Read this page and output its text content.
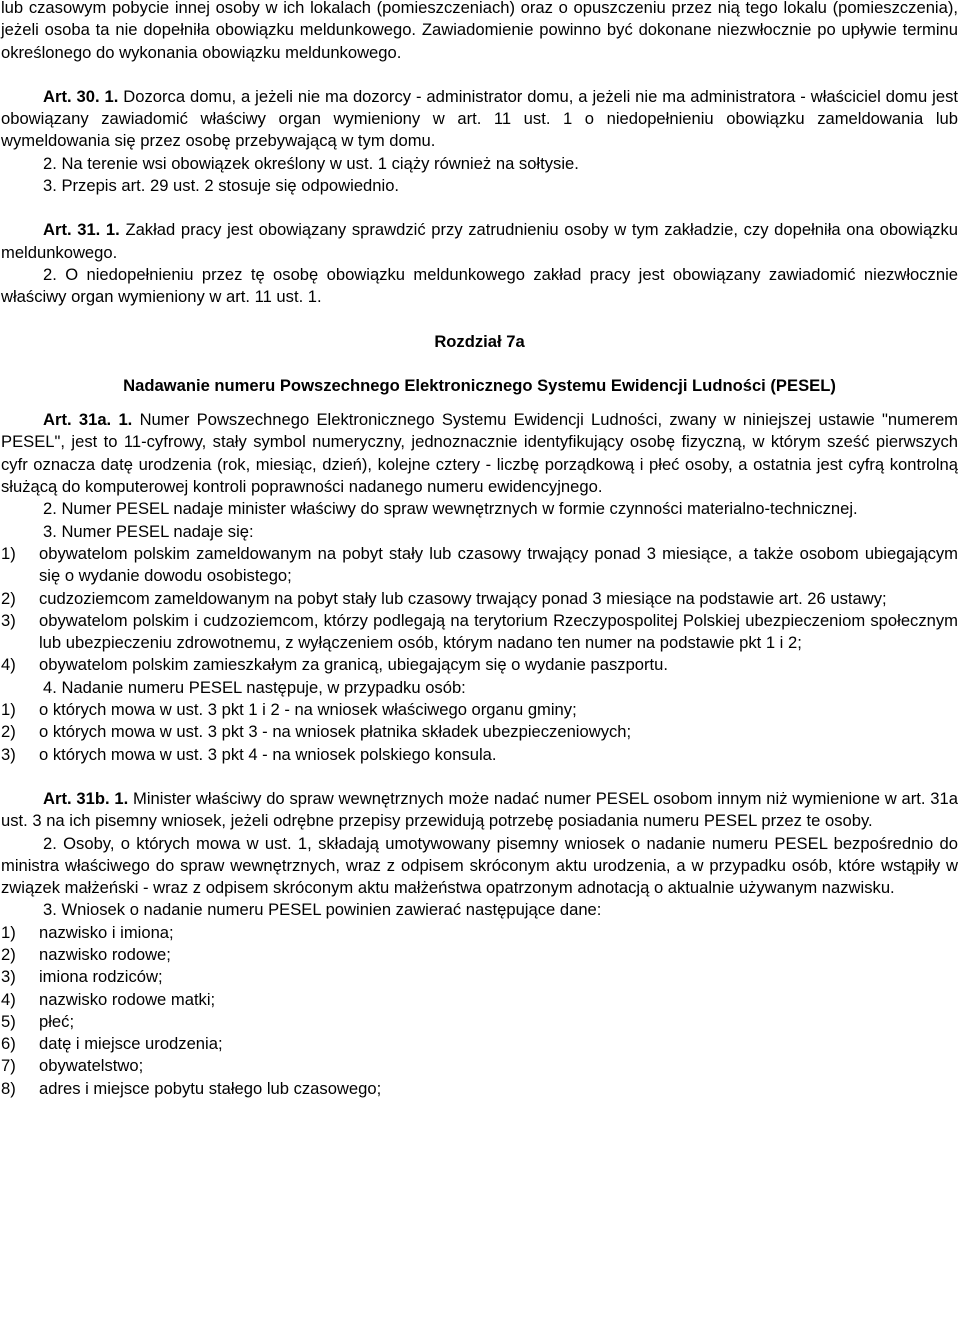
lub czasowym pobycie innej osoby w ich lokalach (pomieszczeniach) oraz o opuszczeniu przez nią tego lokalu (pomieszczenia), jeżeli osoba ta nie dopełniła obowiązku meldunkowego. Zawiadomienie powinno być dokonane niezwłocznie po upływie terminu określonego do wykonania obowiązku meldunkowego.

Art. 30. 1. Dozorca domu, a jeżeli nie ma dozorcy - administrator domu, a jeżeli nie ma administratora - właściciel domu jest obowiązany zawiadomić właściwy organ wymieniony w art. 11 ust. 1 o niedopełnieniu obowiązku zameldowania lub wymeldowania się przez osobę przebywającą w tym domu.

2. Na terenie wsi obowiązek określony w ust. 1 ciąży również na sołtysie.

3. Przepis art. 29 ust. 2 stosuje się odpowiednio.

Art. 31. 1. Zakład pracy jest obowiązany sprawdzić przy zatrudnieniu osoby w tym zakładzie, czy dopełniła ona obowiązku meldunkowego.

2. O niedopełnieniu przez tę osobę obowiązku meldunkowego zakład pracy jest obowiązany zawiadomić niezwłocznie właściwy organ wymieniony w art. 11 ust. 1.

Rozdział 7a

Nadawanie numeru Powszechnego Elektronicznego Systemu Ewidencji Ludności (PESEL)

Art. 31a. 1. Numer Powszechnego Elektronicznego Systemu Ewidencji Ludności, zwany w niniejszej ustawie "numerem PESEL", jest to 11-cyfrowy, stały symbol numeryczny, jednoznacznie identyfikujący osobę fizyczną, w którym sześć pierwszych cyfr oznacza datę urodzenia (rok, miesiąc, dzień), kolejne cztery - liczbę porządkową i płeć osoby, a ostatnia jest cyfrą kontrolną służącą do komputerowej kontroli poprawności nadanego numeru ewidencyjnego.

2. Numer PESEL nadaje minister właściwy do spraw wewnętrznych w formie czynności materialno-technicznej.

3. Numer PESEL nadaje się:

1)	obywatelom polskim zameldowanym na pobyt stały lub czasowy trwający ponad 3 miesiące, a także osobom ubiegającym się o wydanie dowodu osobistego;
2)	cudzoziemcom zameldowanym na pobyt stały lub czasowy trwający ponad 3 miesiące na podstawie art. 26 ustawy;
3)	obywatelom polskim i cudzoziemcom, którzy podlegają na terytorium Rzeczypospolitej Polskiej ubezpieczeniom społecznym lub ubezpieczeniu zdrowotnemu, z wyłączeniem osób, którym nadano ten numer na podstawie pkt 1 i 2;
4)	obywatelom polskim zamieszkałym za granicą, ubiegającym się o wydanie paszportu.

4. Nadanie numeru PESEL następuje, w przypadku osób:

1)	o których mowa w ust. 3 pkt 1 i 2 - na wniosek właściwego organu gminy;
2)	o których mowa w ust. 3 pkt 3 - na wniosek płatnika składek ubezpieczeniowych;
3)	o których mowa w ust. 3 pkt 4 - na wniosek polskiego konsula.

Art. 31b. 1. Minister właściwy do spraw wewnętrznych może nadać numer PESEL osobom innym niż wymienione w art. 31a ust. 3 na ich pisemny wniosek, jeżeli odrębne przepisy przewidują potrzebę posiadania numeru PESEL przez te osoby.

2. Osoby, o których mowa w ust. 1, składają umotywowany pisemny wniosek o nadanie numeru PESEL bezpośrednio do ministra właściwego do spraw wewnętrznych, wraz z odpisem skróconym aktu urodzenia, a w przypadku osób, które wstąpiły w związek małżeński - wraz z odpisem skróconym aktu małżeństwa opatrzonym adnotacją o aktualnie używanym nazwisku.

3. Wniosek o nadanie numeru PESEL powinien zawierać następujące dane:

1)	nazwisko i imiona;
2)	nazwisko rodowe;
3)	imiona rodziców;
4)	nazwisko rodowe matki;
5)	płeć;
6)	datę i miejsce urodzenia;
7)	obywatelstwo;
8)	adres i miejsce pobytu stałego lub czasowego;
